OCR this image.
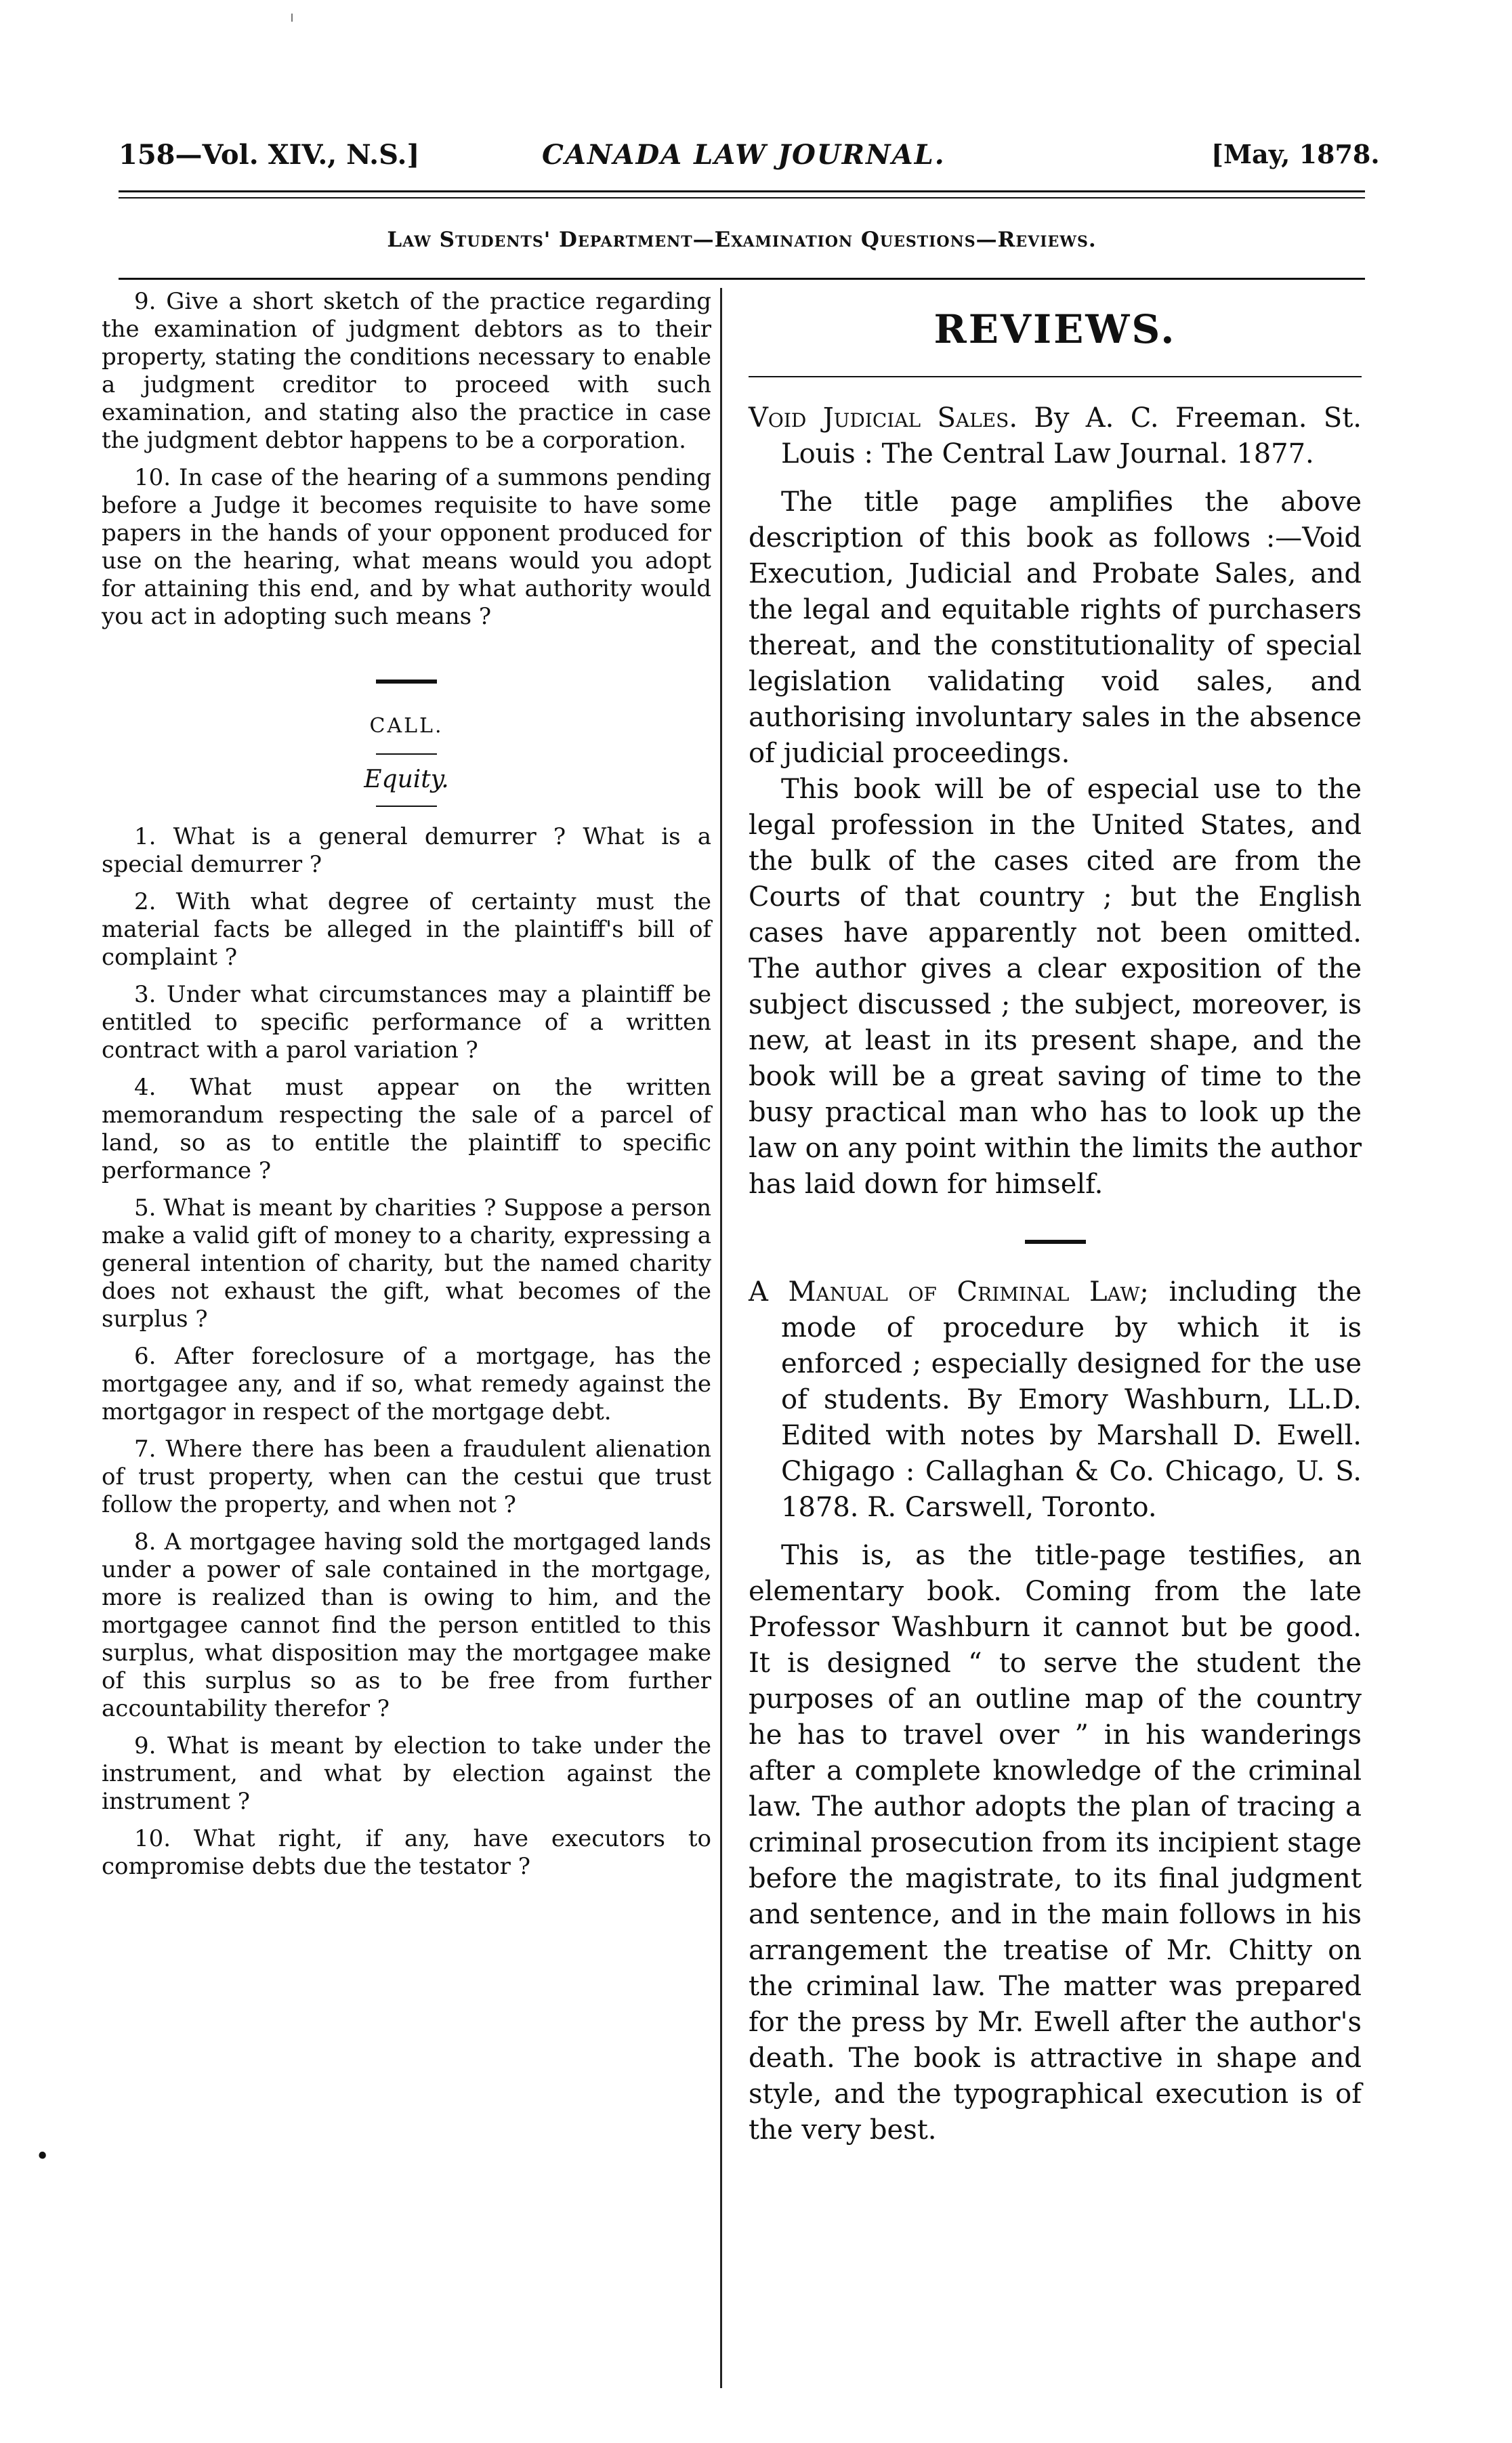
158—Vol. XIV., N.S.]	CANADA LAW JOURNAL.	[May, 1878.
Law Students' Department—Examination Questions—Reviews.

9. Give a short sketch of the practice regarding the examination of judgment debtors as to their property, stating the conditions necessary to enable a judgment creditor to proceed with such examination, and stating also the practice in case the judgment debtor happens to be a corporation.

10. In case of the hearing of a summons pending before a Judge it becomes requisite to have some papers in the hands of your opponent produced for use on the hearing, what means would you adopt for attaining this end, and by what authority would you act in adopting such means ?

CALL.
Equity.

1. What is a general demurrer ? What is a special demurrer ?

2. With what degree of certainty must the material facts be alleged in the plaintiff's bill of complaint ?

3. Under what circumstances may a plaintiff be entitled to specific performance of a written contract with a parol variation ?

4. What must appear on the written memorandum respecting the sale of a parcel of land, so as to entitle the plaintiff to specific performance ?

5. What is meant by charities ? Suppose a person make a valid gift of money to a charity, expressing a general intention of charity, but the named charity does not exhaust the gift, what becomes of the surplus ?

6. After foreclosure of a mortgage, has the mortgagee any, and if so, what remedy against the mortgagor in respect of the mortgage debt.

7. Where there has been a fraudulent alienation of trust property, when can the cestui que trust follow the property, and when not ?

8. A mortgagee having sold the mortgaged lands under a power of sale contained in the mortgage, more is realized than is owing to him, and the mortgagee cannot find the person entitled to this surplus, what disposition may the mortgagee make of this surplus so as to be free from further accountability therefor ?

9. What is meant by election to take under the instrument, and what by election against the instrument ?

10. What right, if any, have executors to compromise debts due the testator ?

REVIEWS.

Void Judicial Sales. By A. C. Freeman. St. Louis : The Central Law Journal. 1877.

The title page amplifies the above description of this book as follows :—Void Execution, Judicial and Probate Sales, and the legal and equitable rights of purchasers thereat, and the constitutionality of special legislation validating void sales, and authorising involuntary sales in the absence of judicial proceedings.

This book will be of especial use to the legal profession in the United States, and the bulk of the cases cited are from the Courts of that country ; but the English cases have apparently not been omitted. The author gives a clear exposition of the subject discussed ; the subject, moreover, is new, at least in its present shape, and the book will be a great saving of time to the busy practical man who has to look up the law on any point within the limits the author has laid down for himself.

A Manual of Criminal Law; including the mode of procedure by which it is enforced ; especially designed for the use of students. By Emory Washburn, LL.D. Edited with notes by Marshall D. Ewell. Chigago : Callaghan & Co. Chicago, U. S. 1878. R. Carswell, Toronto.

This is, as the title-page testifies, an elementary book. Coming from the late Professor Washburn it cannot but be good. It is designed “ to serve the student the purposes of an outline map of the country he has to travel over ” in his wanderings after a complete knowledge of the criminal law. The author adopts the plan of tracing a criminal prosecution from its incipient stage before the magistrate, to its final judgment and sentence, and in the main follows in his arrangement the treatise of Mr. Chitty on the criminal law. The matter was prepared for the press by Mr. Ewell after the author's death. The book is attractive in shape and style, and the typographical execution is of the very best.

•
